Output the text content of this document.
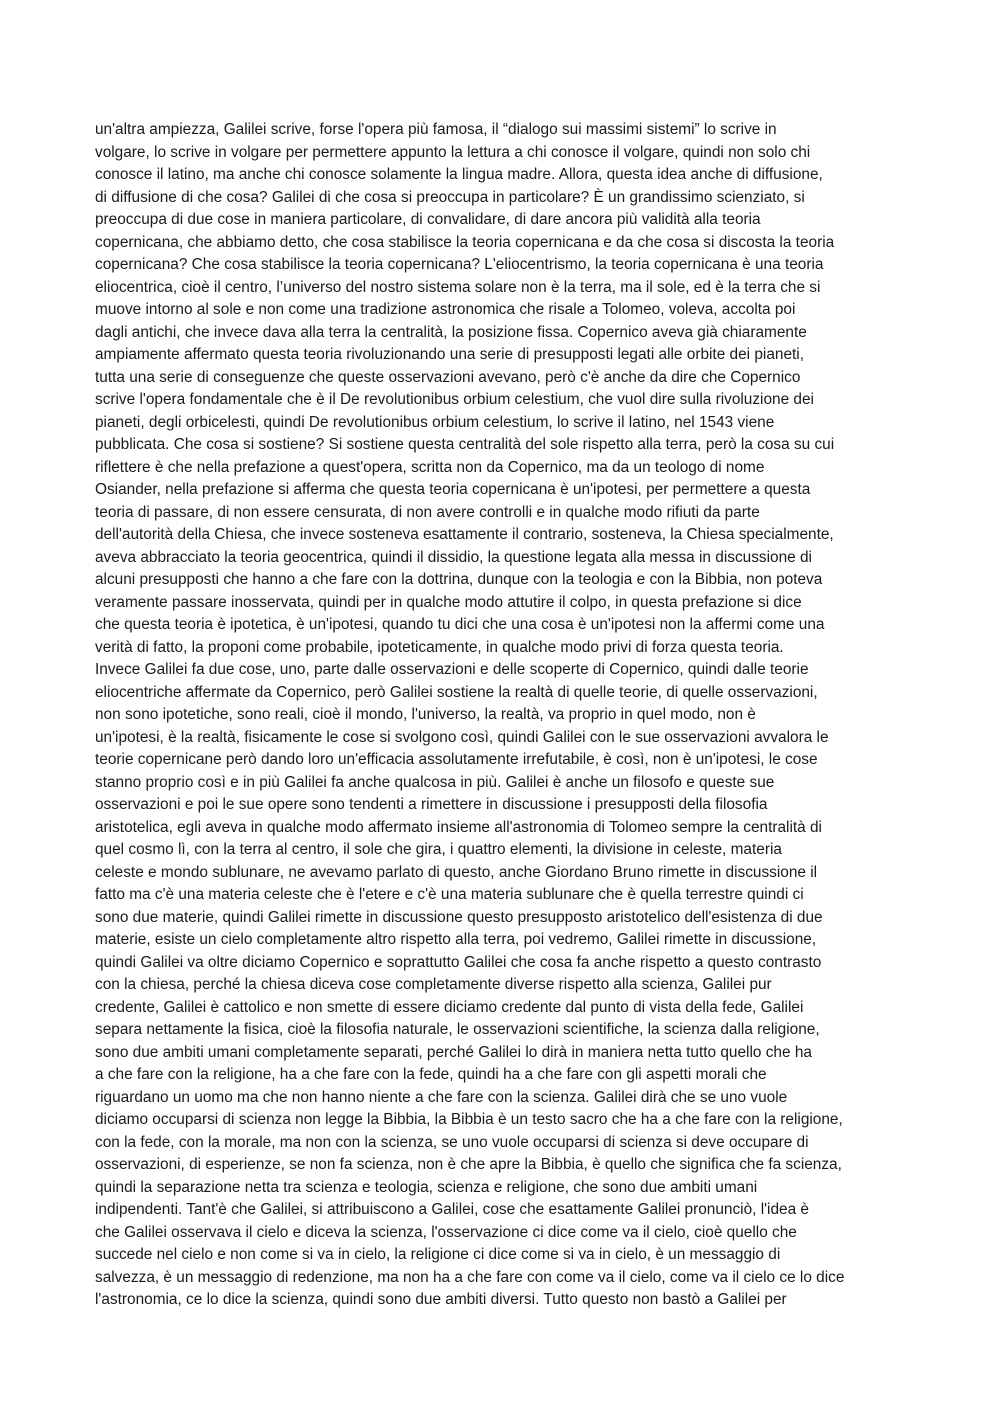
un'altra ampiezza, Galilei scrive, forse l'opera più famosa, il “dialogo sui massimi sistemi” lo scrive in
volgare, lo scrive in volgare per permettere appunto la lettura a chi conosce il volgare, quindi non solo chi
conosce il latino, ma anche chi conosce solamente la lingua madre. Allora, questa idea anche di diffusione,
di diffusione di che cosa? Galilei di che cosa si preoccupa in particolare? È un grandissimo scienziato, si
preoccupa di due cose in maniera particolare, di convalidare, di dare ancora più validità alla teoria
copernicana, che abbiamo detto, che cosa stabilisce la teoria copernicana e da che cosa si discosta la teoria
copernicana? Che cosa stabilisce la teoria copernicana? L'eliocentrismo, la teoria copernicana è una teoria
eliocentrica, cioè il centro, l’universo del nostro sistema solare non è la terra, ma il sole, ed è la terra che si
muove intorno al sole e non come una tradizione astronomica che risale a Tolomeo, voleva, accolta poi
dagli antichi, che invece dava alla terra la centralità, la posizione fissa. Copernico aveva già chiaramente
ampiamente affermato questa teoria rivoluzionando una serie di presupposti legati alle orbite dei pianeti,
tutta una serie di conseguenze che queste osservazioni avevano, però c'è anche da dire che Copernico
scrive l'opera fondamentale che è il De revolutionibus orbium celestium, che vuol dire sulla rivoluzione dei
pianeti, degli orbicelesti, quindi De revolutionibus orbium celestium, lo scrive il latino, nel 1543 viene
pubblicata. Che cosa si sostiene? Si sostiene questa centralità del sole rispetto alla terra, però la cosa su cui
riflettere è che nella prefazione a quest'opera, scritta non da Copernico, ma da un teologo di nome
Osiander, nella prefazione si afferma che questa teoria copernicana è un'ipotesi, per permettere a questa
teoria di passare, di non essere censurata, di non avere controlli e in qualche modo rifiuti da parte
dell'autorità della Chiesa, che invece sosteneva esattamente il contrario, sosteneva, la Chiesa specialmente,
aveva abbracciato la teoria geocentrica, quindi il dissidio, la questione legata alla messa in discussione di
alcuni presupposti che hanno a che fare con la dottrina, dunque con la teologia e con la Bibbia, non poteva
veramente passare inosservata, quindi per in qualche modo attutire il colpo, in questa prefazione si dice
che questa teoria è ipotetica, è un'ipotesi, quando tu dici che una cosa è un'ipotesi non la affermi come una
verità di fatto, la proponi come probabile, ipoteticamente, in qualche modo privi di forza questa teoria.
Invece Galilei fa due cose, uno, parte dalle osservazioni e delle scoperte di Copernico, quindi dalle teorie
eliocentriche affermate da Copernico, però Galilei sostiene la realtà di quelle teorie, di quelle osservazioni,
non sono ipotetiche, sono reali, cioè il mondo, l'universo, la realtà, va proprio in quel modo, non è
un'ipotesi, è la realtà, fisicamente le cose si svolgono così, quindi Galilei con le sue osservazioni avvalora le
teorie copernicane però dando loro un'efficacia assolutamente irrefutabile, è così, non è un'ipotesi, le cose
stanno proprio così e in più Galilei fa anche qualcosa in più. Galilei è anche un filosofo e queste sue
osservazioni e poi le sue opere sono tendenti a rimettere in discussione i presupposti della filosofia
aristotelica, egli aveva in qualche modo affermato insieme all'astronomia di Tolomeo sempre la centralità di
quel cosmo lì, con la terra al centro, il sole che gira, i quattro elementi, la divisione in celeste, materia
celeste e mondo sublunare, ne avevamo parlato di questo, anche Giordano Bruno rimette in discussione il
fatto ma c'è una materia celeste che è l'etere e c'è una materia sublunare che è quella terrestre quindi ci
sono due materie, quindi Galilei rimette in discussione questo presupposto aristotelico dell'esistenza di due
materie, esiste un cielo completamente altro rispetto alla terra, poi vedremo, Galilei rimette in discussione,
quindi Galilei va oltre diciamo Copernico e soprattutto Galilei che cosa fa anche rispetto a questo contrasto
con la chiesa, perché la chiesa diceva cose completamente diverse rispetto alla scienza, Galilei pur
credente, Galilei è cattolico e non smette di essere diciamo credente dal punto di vista della fede, Galilei
separa nettamente la fisica, cioè la filosofia naturale, le osservazioni scientifiche, la scienza dalla religione,
sono due ambiti umani completamente separati, perché Galilei lo dirà in maniera netta tutto quello che ha
a che fare con la religione, ha a che fare con la fede, quindi ha a che fare con gli aspetti morali che
riguardano un uomo ma che non hanno niente a che fare con la scienza. Galilei dirà che se uno vuole
diciamo occuparsi di scienza non legge la Bibbia, la Bibbia è un testo sacro che ha a che fare con la religione,
con la fede, con la morale, ma non con la scienza, se uno vuole occuparsi di scienza si deve occupare di
osservazioni, di esperienze, se non fa scienza, non è che apre la Bibbia, è quello che significa che fa scienza,
quindi la separazione netta tra scienza e teologia, scienza e religione, che sono due ambiti umani
indipendenti. Tant'è che Galilei, si attribuiscono a Galilei, cose che esattamente Galilei pronunciò, l'idea è
che Galilei osservava il cielo e diceva la scienza, l'osservazione ci dice come va il cielo, cioè quello che
succede nel cielo e non come si va in cielo, la religione ci dice come si va in cielo, è un messaggio di
salvezza, è un messaggio di redenzione, ma non ha a che fare con come va il cielo, come va il cielo ce lo dice
l'astronomia, ce lo dice la scienza, quindi sono due ambiti diversi. Tutto questo non bastò a Galilei per
